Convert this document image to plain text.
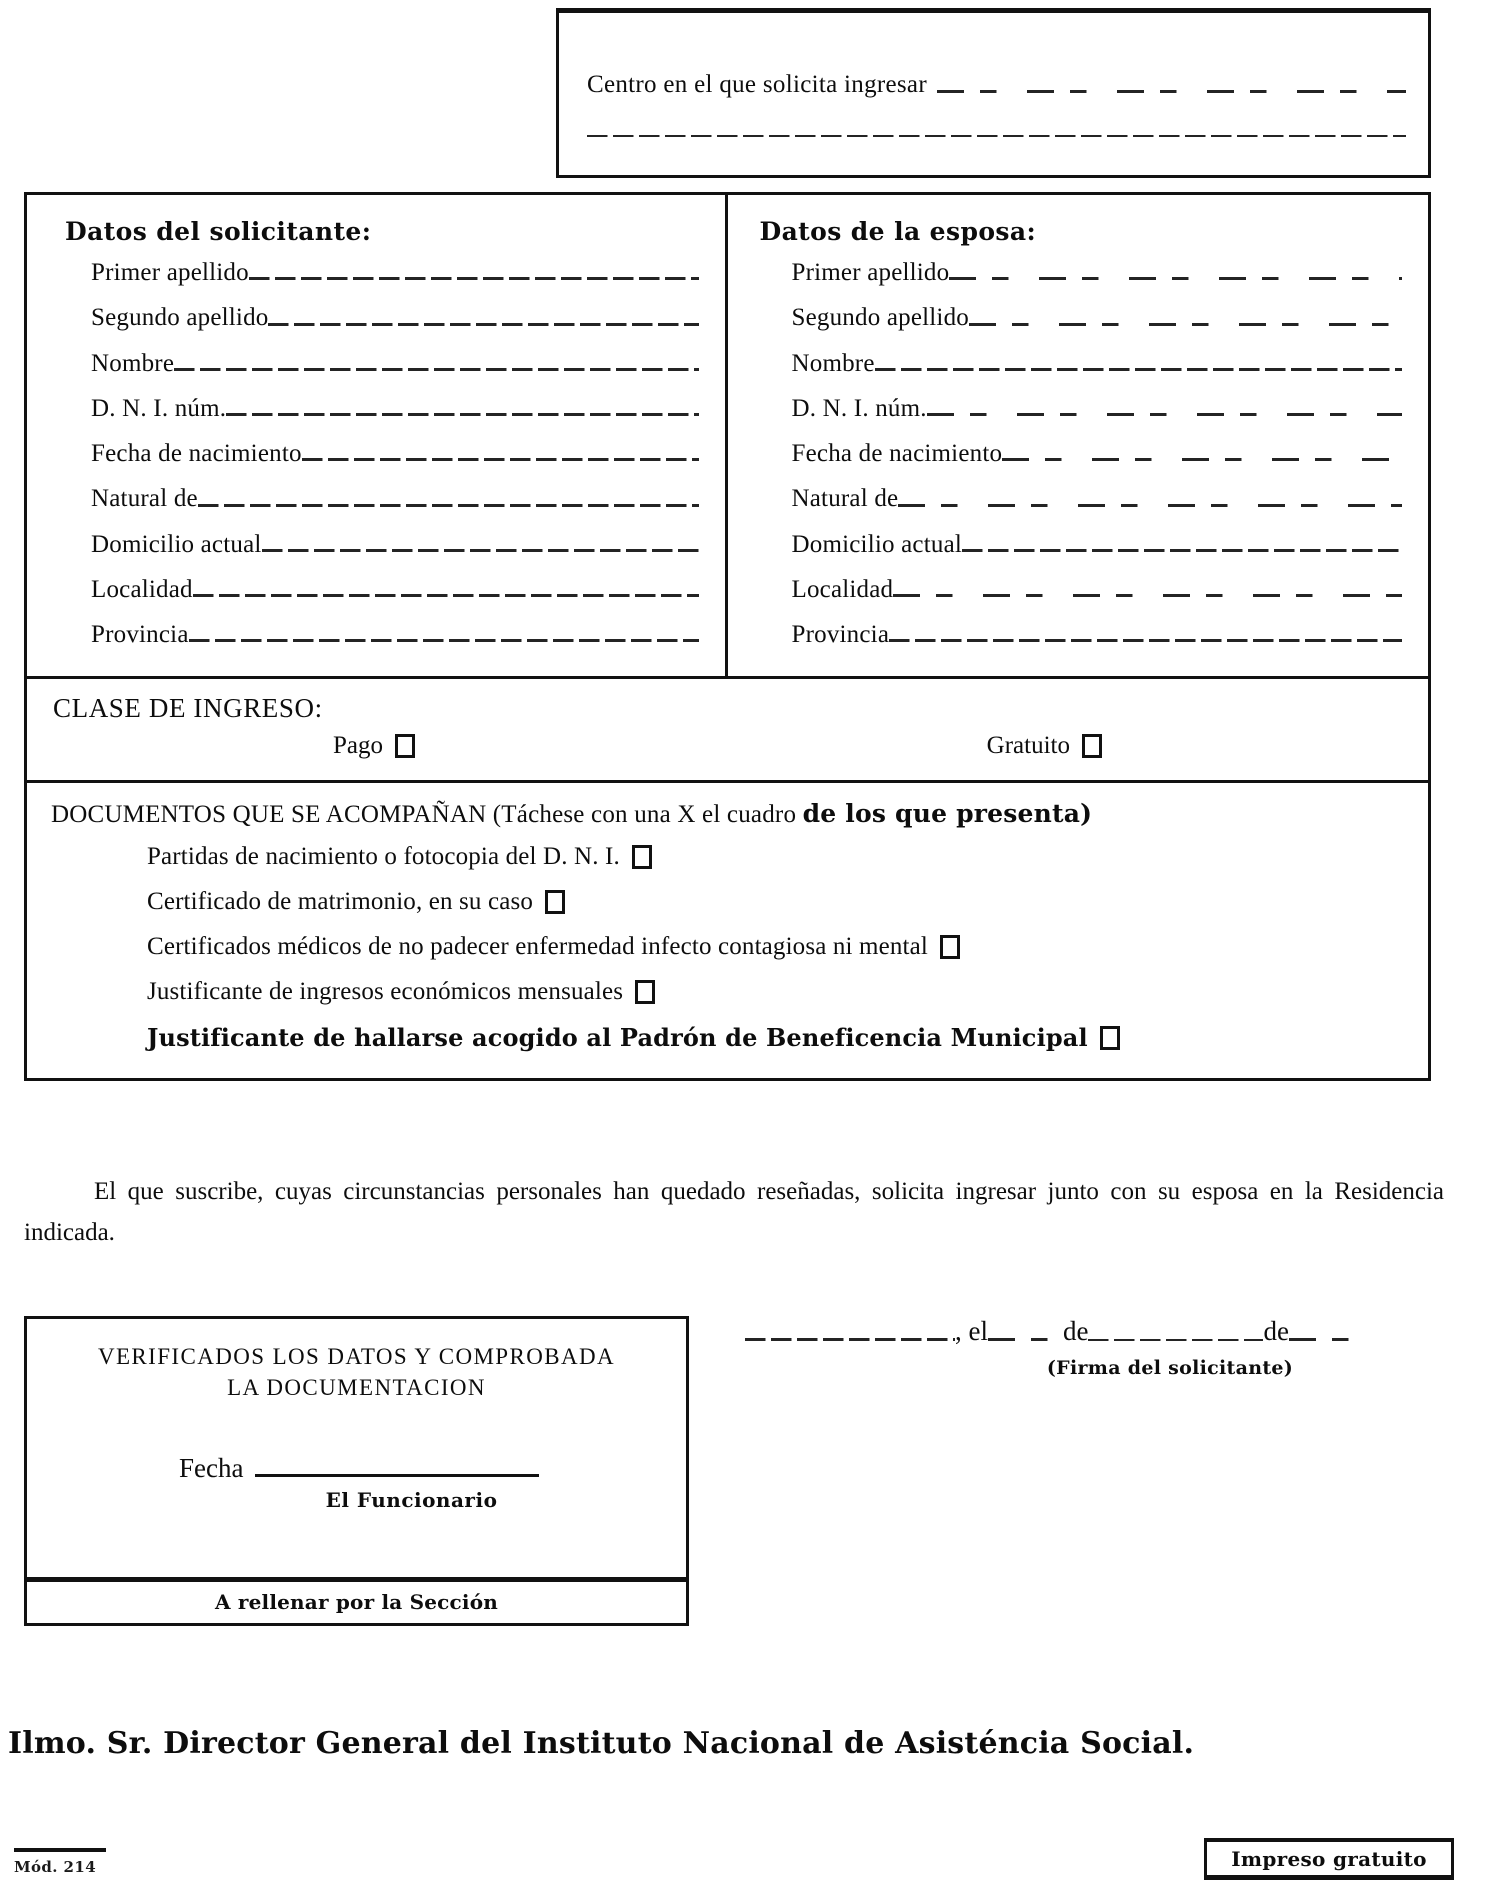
Centro en el que solicita ingresar
Datos del solicitante:
Primer apellido
Segundo apellido
Nombre
D. N. I. núm.
Fecha de nacimiento
Natural de
Domicilio actual
Localidad
Provincia
Datos de la esposa:
Primer apellido
Segundo apellido
Nombre
D. N. I. núm.
Fecha de nacimiento
Natural de
Domicilio actual
Localidad
Provincia
CLASE DE INGRESO:
Pago	Gratuito
DOCUMENTOS QUE SE ACOMPAÑAN (Táchese con una X el cuadro de los que presenta)
Partidas de nacimiento o fotocopia del D. N. I.
Certificado de matrimonio, en su caso
Certificados médicos de no padecer enfermedad infecto contagiosa ni mental
Justificante de ingresos económicos mensuales
Justificante de hallarse acogido al Padrón de Beneficencia Municipal
El que suscribe, cuyas circunstancias personales han quedado reseñadas, solicita ingresar junto con su esposa en la Residencia indicada.
VERIFICADOS LOS DATOS Y COMPROBADA
LA DOCUMENTACION
Fecha
El Funcionario
A rellenar por la Sección
, el	de	de
(Firma del solicitante)
Ilmo. Sr. Director General del Instituto Nacional de Asisténcia Social.
Mód. 214	Impreso gratuito
